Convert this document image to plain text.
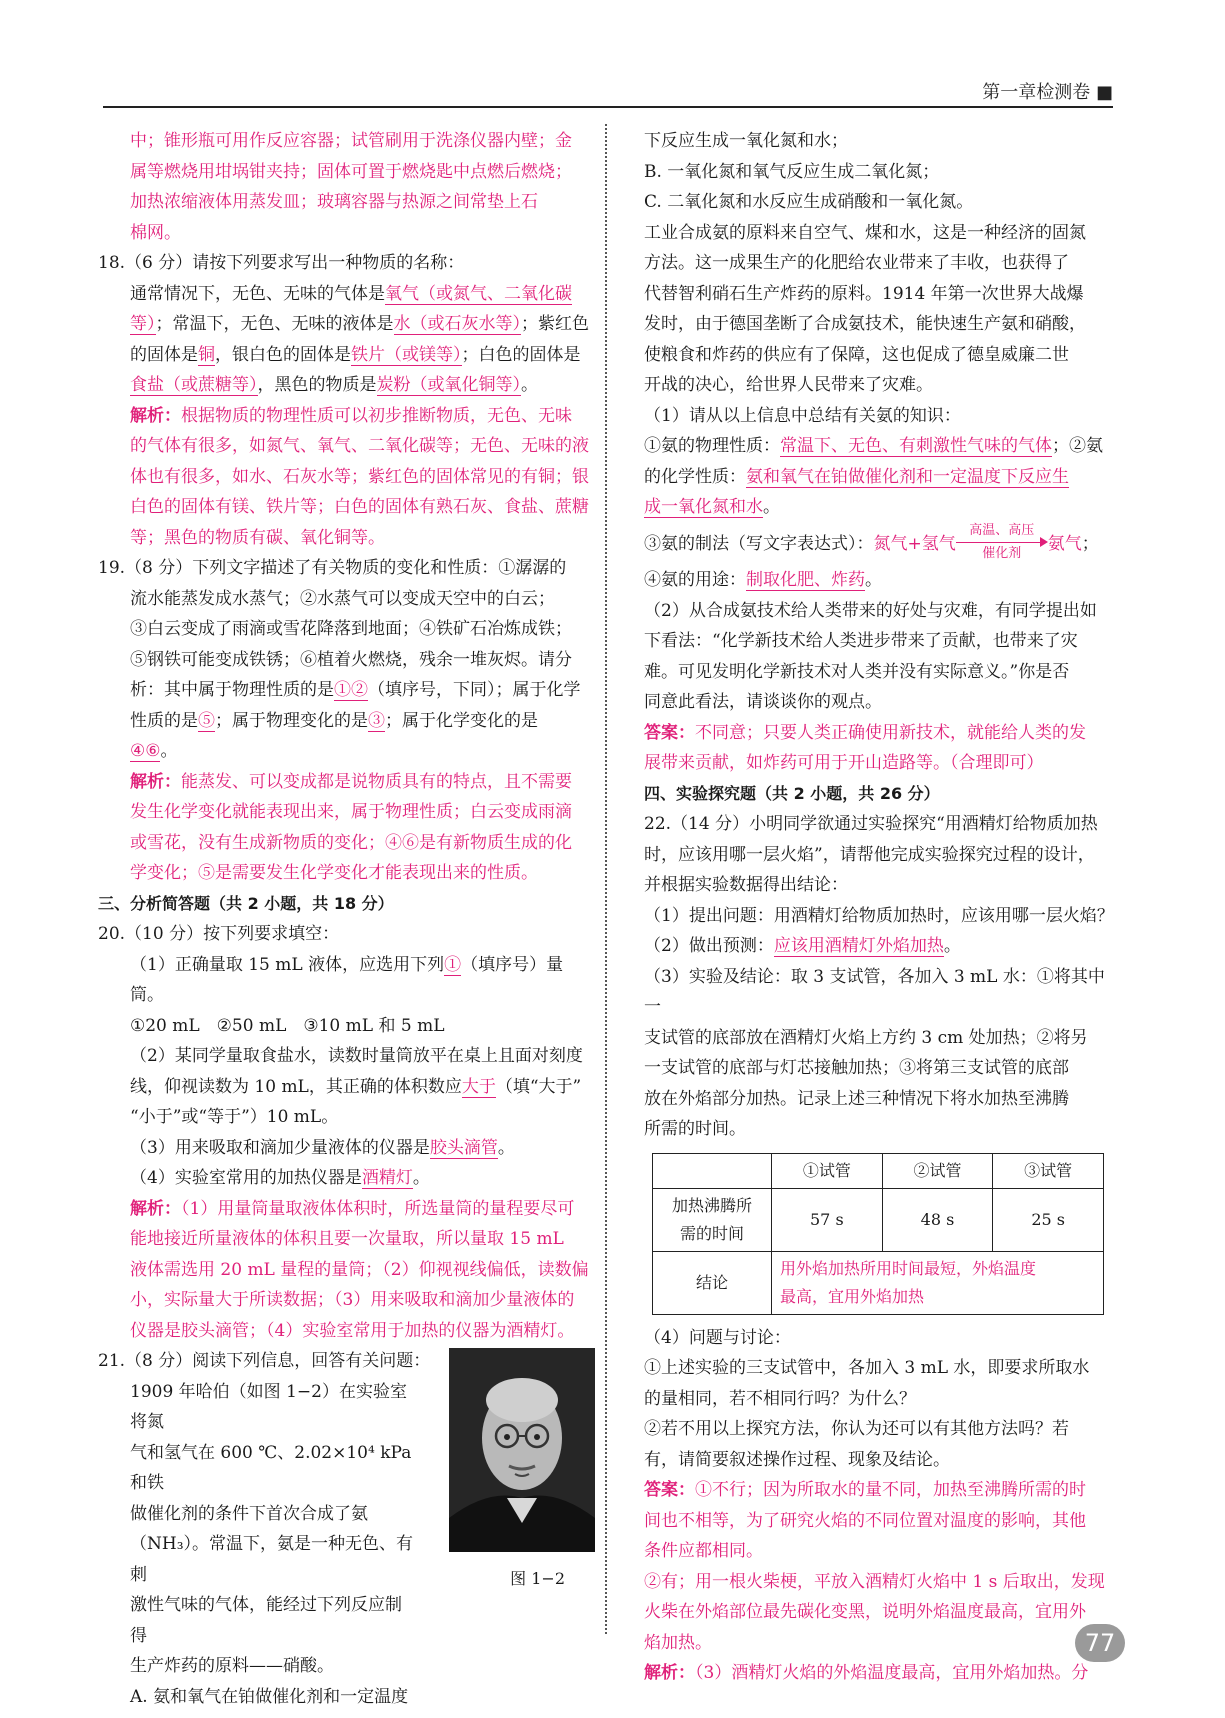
第一章检测卷 ■

中；锥形瓶可用作反应容器；试管刷用于洗涤仪器内壁；金

属等燃烧用坩埚钳夹持；固体可置于燃烧匙中点燃后燃烧；

加热浓缩液体用蒸发皿；玻璃容器与热源之间常垫上石

棉网。

18.（6 分）请按下列要求写出一种物质的名称：

通常情况下，无色、无味的气体是氧气（或氮气、二氧化碳

等）；常温下，无色、无味的液体是水（或石灰水等）；紫红色

的固体是铜，银白色的固体是铁片（或镁等）；白色的固体是

食盐（或蔗糖等），黑色的物质是炭粉（或氧化铜等）。

解析：根据物质的物理性质可以初步推断物质，无色、无味

的气体有很多，如氮气、氧气、二氧化碳等；无色、无味的液

体也有很多，如水、石灰水等；紫红色的固体常见的有铜；银

白色的固体有镁、铁片等；白色的固体有熟石灰、食盐、蔗糖

等；黑色的物质有碳、氧化铜等。

19.（8 分）下列文字描述了有关物质的变化和性质：①潺潺的

流水能蒸发成水蒸气；②水蒸气可以变成天空中的白云；

③白云变成了雨滴或雪花降落到地面；④铁矿石冶炼成铁；

⑤钢铁可能变成铁锈；⑥植着火燃烧，残余一堆灰烬。请分

析：其中属于物理性质的是①②（填序号，下同）；属于化学

性质的是⑤；属于物理变化的是③；属于化学变化的是

④⑥。

解析：能蒸发、可以变成都是说物质具有的特点，且不需要

发生化学变化就能表现出来，属于物理性质；白云变成雨滴

或雪花，没有生成新物质的变化；④⑥是有新物质生成的化

学变化；⑤是需要发生化学变化才能表现出来的性质。

三、分析简答题（共 2 小题，共 18 分）

20.（10 分）按下列要求填空：

（1）正确量取 15 mL 液体，应选用下列①（填序号）量筒。

①20 mL　②50 mL　③10 mL 和 5 mL

（2）某同学量取食盐水，读数时量筒放平在桌上且面对刻度

线，仰视读数为 10 mL，其正确的体积数应大于（填“大于”

“小于”或“等于”）10 mL。

（3）用来吸取和滴加少量液体的仪器是胶头滴管。

（4）实验室常用的加热仪器是酒精灯。

解析：（1）用量筒量取液体体积时，所选量筒的量程要尽可

能地接近所量液体的体积且要一次量取，所以量取 15 mL

液体需选用 20 mL 量程的量筒；（2）仰视视线偏低，读数偏

小，实际量大于所读数据；（3）用来吸取和滴加少量液体的

仪器是胶头滴管；（4）实验室常用于加热的仪器为酒精灯。

21.（8 分）阅读下列信息，回答有关问题：

1909 年哈伯（如图 1−2）在实验室将氮

气和氢气在 600 ℃、2.02×10⁴ kPa 和铁

做催化剂的条件下首次合成了氨

（NH₃）。常温下，氨是一种无色、有刺

激性气味的气体，能经过下列反应制得

生产炸药的原料——硝酸。

A. 氨和氧气在铂做催化剂和一定温度

图 1−2

下反应生成一氧化氮和水；

B. 一氧化氮和氧气反应生成二氧化氮；

C. 二氧化氮和水反应生成硝酸和一氧化氮。

工业合成氨的原料来自空气、煤和水，这是一种经济的固氮

方法。这一成果生产的化肥给农业带来了丰收，也获得了

代替智利硝石生产炸药的原料。1914 年第一次世界大战爆

发时，由于德国垄断了合成氨技术，能快速生产氨和硝酸，

使粮食和炸药的供应有了保障，这也促成了德皇威廉二世

开战的决心，给世界人民带来了灾难。

（1）请从以上信息中总结有关氨的知识：

①氨的物理性质：常温下、无色、有刺激性气味的气体；②氨

的化学性质：氨和氧气在铂做催化剂和一定温度下反应生

成一氧化氮和水。

③氨的制法（写文字表达式）：氮气+氢气
高温、高压
催化剂	氨气；

④氨的用途：制取化肥、炸药。

（2）从合成氨技术给人类带来的好处与灾难，有同学提出如

下看法：“化学新技术给人类进步带来了贡献，也带来了灾

难。可见发明化学新技术对人类并没有实际意义。”你是否

同意此看法，请谈谈你的观点。

答案：不同意；只要人类正确使用新技术，就能给人类的发

展带来贡献，如炸药可用于开山造路等。（合理即可）

四、实验探究题（共 2 小题，共 26 分）

22.（14 分）小明同学欲通过实验探究“用酒精灯给物质加热

时，应该用哪一层火焰”，请帮他完成实验探究过程的设计，

并根据实验数据得出结论：

（1）提出问题：用酒精灯给物质加热时，应该用哪一层火焰？

（2）做出预测：应该用酒精灯外焰加热。

（3）实验及结论：取 3 支试管，各加入 3 mL 水：①将其中一

支试管的底部放在酒精灯火焰上方约 3 cm 处加热；②将另

一支试管的底部与灯芯接触加热；③将第三支试管的底部

放在外焰部分加热。记录上述三种情况下将水加热至沸腾

所需的时间。

	①试管	②试管	③试管
加热沸腾所
需的时间	57 s	48 s	25 s
结论	用外焰加热所用时间最短，外焰温度
最高，宜用外焰加热		

（4）问题与讨论：

①上述实验的三支试管中，各加入 3 mL 水，即要求所取水

的量相同，若不相同行吗？为什么？

②若不用以上探究方法，你认为还可以有其他方法吗？若

有，请简要叙述操作过程、现象及结论。

答案：①不行；因为所取水的量不同，加热至沸腾所需的时

间也不相等，为了研究火焰的不同位置对温度的影响，其他

条件应都相同。

②有；用一根火柴梗，平放入酒精灯火焰中 1 s 后取出，发现

火柴在外焰部位最先碳化变黑，说明外焰温度最高，宜用外

焰加热。

解析：（3）酒精灯火焰的外焰温度最高，宜用外焰加热。分

77
